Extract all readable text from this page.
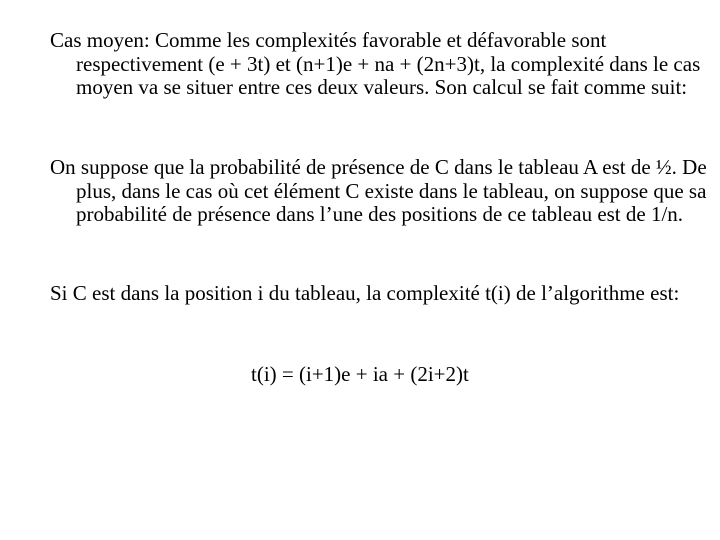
Cas moyen: Comme les complexités favorable et défavorable sont respectivement (e + 3t) et (n+1)e + na + (2n+3)t, la complexité dans le cas moyen va se situer entre ces deux valeurs. Son calcul se fait comme suit:

On suppose que la probabilité de présence de C dans le tableau A est de ½. De plus, dans le cas où cet élément C existe dans le tableau, on suppose que sa probabilité de présence dans l’une des positions de ce tableau est de 1/n.

Si C est dans la position i du tableau, la complexité t(i) de l’algorithme est:

t(i) = (i+1)e + ia + (2i+2)t
